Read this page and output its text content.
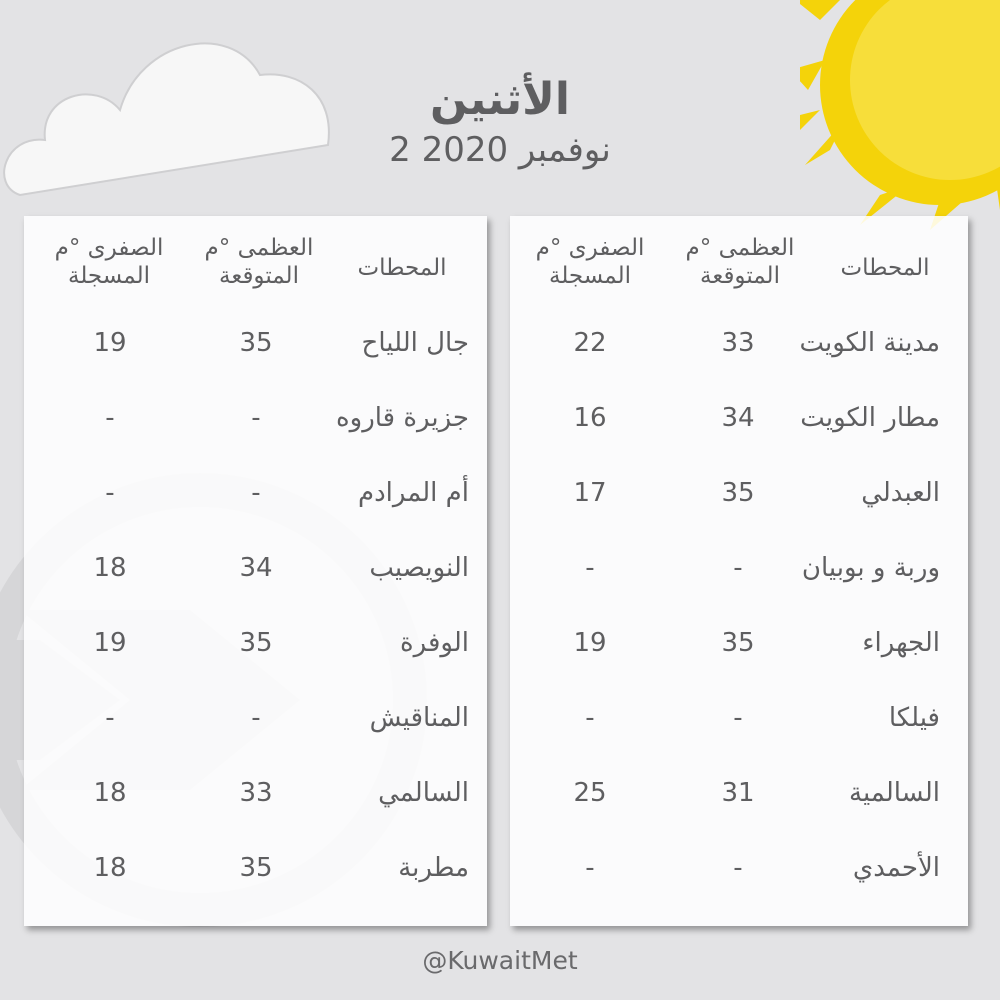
الأثنين
2 نوفمبر 2020
المحطات
العظمى °م
المتوقعة
الصفرى °م
المسجلة
جال اللياح
35
19
جزيرة قاروه
-
-
أم المرادم
-
-
النويصيب
34
18
الوفرة
35
19
المناقيش
-
-
السالمي
33
18
مطربة
35
18
المحطات
العظمى °م
المتوقعة
الصفرى °م
المسجلة
مدينة الكويت
33
22
مطار الكويت
34
16
العبدلي
35
17
وربة و بوبيان
-
-
الجهراء
35
19
فيلكا
-
-
السالمية
31
25
الأحمدي
-
-
@KuwaitMet
